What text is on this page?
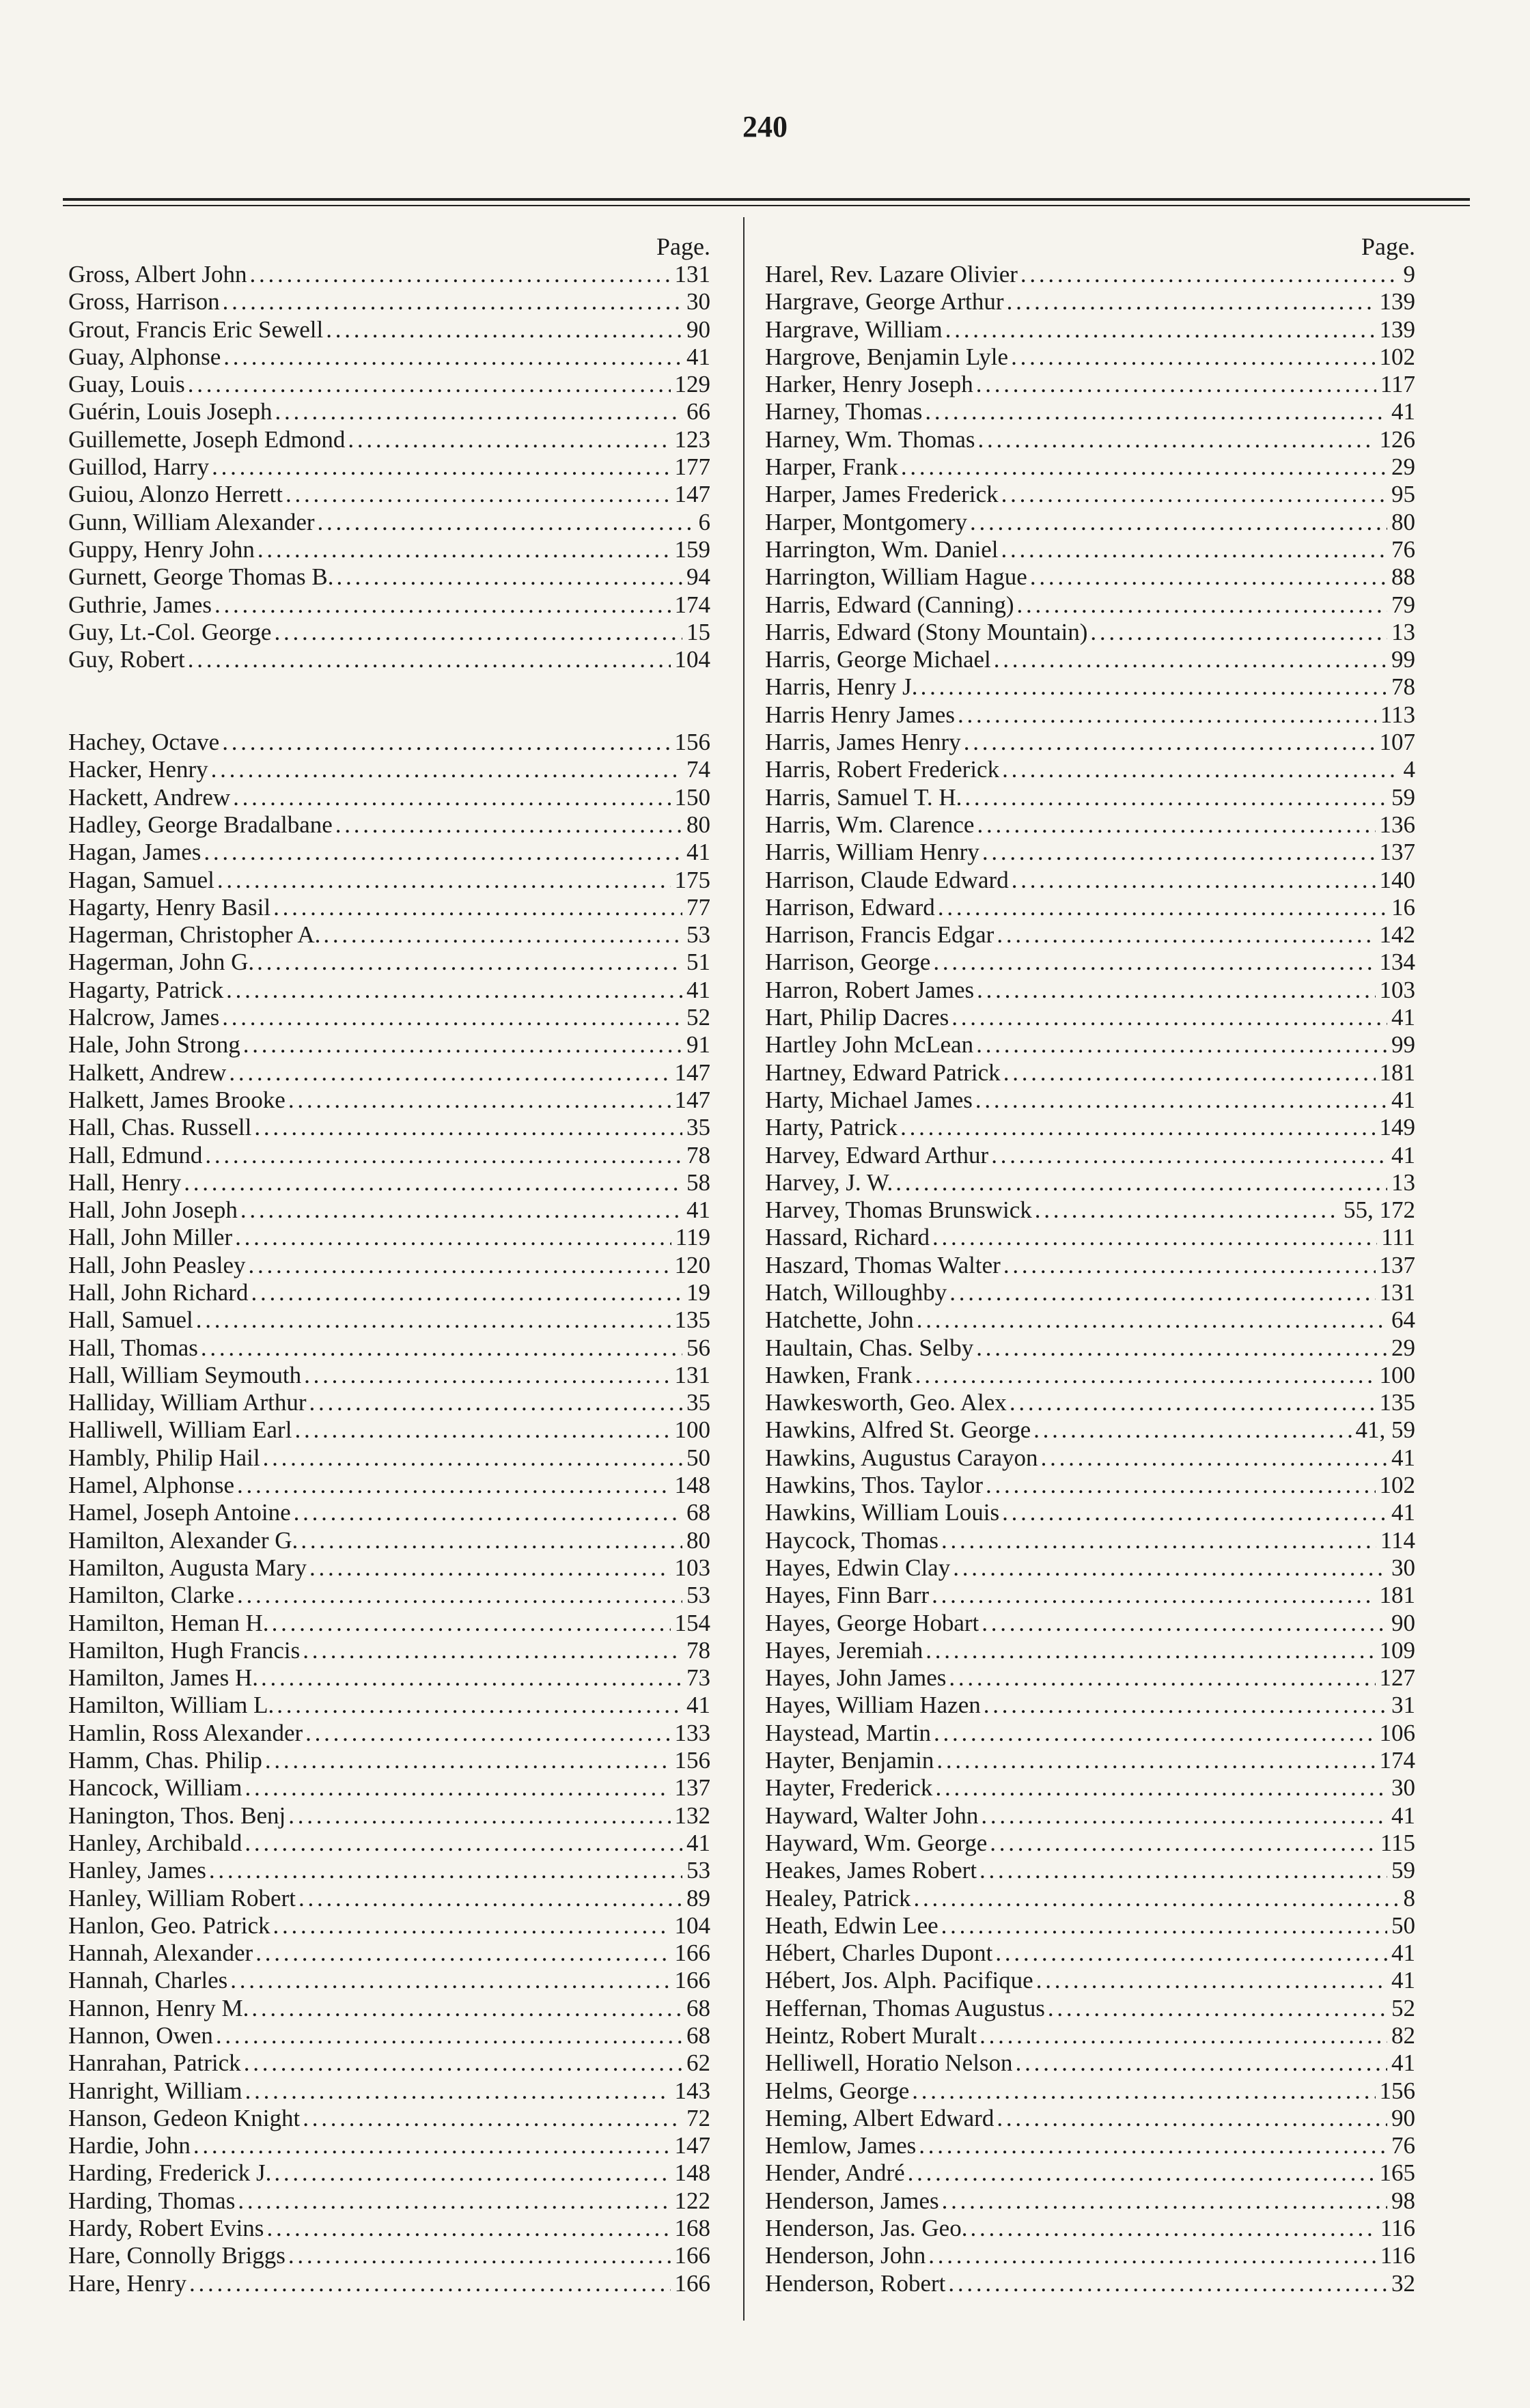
240
Page.
Gross, Albert John . . .	131
Gross, Harrison . . .	30
Grout, Francis Eric Sewell . . .	90
Guay, Alphonse . . .	41
Guay, Louis . . .	129
Guérin, Louis Joseph . . .	66
Guillemette, Joseph Edmond . . .	123
Guillod, Harry . . .	177
Guiou, Alonzo Herrett . . .	147
Gunn, William Alexander . . .	6
Guppy, Henry John . . .	159
Gurnett, George Thomas B. . . .	94
Guthrie, James . . .	174
Guy, Lt.-Col. George . . .	15
Guy, Robert . . .	104
Hachey, Octave . . .	156
Hacker, Henry . . .	74
Hackett, Andrew . . .	150
Hadley, George Bradalbane . . .	80
Hagan, James . . .	41
Hagan, Samuel . . .	175
Hagarty, Henry Basil . . .	77
Hagerman, Christopher A. . . .	53
Hagerman, John G. . . .	51
Hagarty, Patrick . . .	41
Halcrow, James . . .	52
Hale, John Strong . . .	91
Halkett, Andrew . . .	147
Halkett, James Brooke . . .	147
Hall, Chas. Russell . . .	35
Hall, Edmund . . .	78
Hall, Henry . . .	58
Hall, John Joseph . . .	41
Hall, John Miller . . .	119
Hall, John Peasley . . .	120
Hall, John Richard . . .	19
Hall, Samuel . . .	135
Hall, Thomas . . .	56
Hall, William Seymouth . . .	131
Halliday, William Arthur . . .	35
Halliwell, William Earl . . .	100
Hambly, Philip Hail . . .	50
Hamel, Alphonse . . .	148
Hamel, Joseph Antoine . . .	68
Hamilton, Alexander G. . . .	80
Hamilton, Augusta Mary . . .	103
Hamilton, Clarke . . .	53
Hamilton, Heman H. . . .	154
Hamilton, Hugh Francis . . .	78
Hamilton, James H. . . .	73
Hamilton, William L. . . .	41
Hamlin, Ross Alexander . . .	133
Hamm, Chas. Philip . . .	156
Hancock, William . . .	137
Hanington, Thos. Benj . . .	132
Hanley, Archibald . . .	41
Hanley, James . . .	53
Hanley, William Robert . . .	89
Hanlon, Geo. Patrick . . .	104
Hannah, Alexander . . .	166
Hannah, Charles . . .	166
Hannon, Henry M. . . .	68
Hannon, Owen . . .	68
Hanrahan, Patrick . . .	62
Hanright, William . . .	143
Hanson, Gedeon Knight . . .	72
Hardie, John . . .	147
Harding, Frederick J. . . .	148
Harding, Thomas . . .	122
Hardy, Robert Evins . . .	168
Hare, Connolly Briggs . . .	166
Hare, Henry . . .	166
Page.
Harel, Rev. Lazare Olivier . . .	9
Hargrave, George Arthur . . .	139
Hargrave, William . . .	139
Hargrove, Benjamin Lyle . . .	102
Harker, Henry Joseph . . .	117
Harney, Thomas . . .	41
Harney, Wm. Thomas . . .	126
Harper, Frank . . .	29
Harper, James Frederick . . .	95
Harper, Montgomery . . .	80
Harrington, Wm. Daniel . . .	76
Harrington, William Hague . . .	88
Harris, Edward (Canning) . . .	79
Harris, Edward (Stony Mountain) . . .	13
Harris, George Michael . . .	99
Harris, Henry J. . . .	78
Harris Henry James . . .	113
Harris, James Henry . . .	107
Harris, Robert Frederick . . .	4
Harris, Samuel T. H. . . .	59
Harris, Wm. Clarence . . .	136
Harris, William Henry . . .	137
Harrison, Claude Edward . . .	140
Harrison, Edward . . .	16
Harrison, Francis Edgar . . .	142
Harrison, George . . .	134
Harron, Robert James . . .	103
Hart, Philip Dacres . . .	41
Hartley John McLean . . .	99
Hartney, Edward Patrick . . .	181
Harty, Michael James . . .	41
Harty, Patrick . . .	149
Harvey, Edward Arthur . . .	41
Harvey, J. W. . . .	13
Harvey, Thomas Brunswick . . .	55, 172
Hassard, Richard . . .	111
Haszard, Thomas Walter . . .	137
Hatch, Willoughby . . .	131
Hatchette, John . . .	64
Haultain, Chas. Selby . . .	29
Hawken, Frank . . .	100
Hawkesworth, Geo. Alex . . .	135
Hawkins, Alfred St. George . . .	41, 59
Hawkins, Augustus Carayon . . .	41
Hawkins, Thos. Taylor . . .	102
Hawkins, William Louis . . .	41
Haycock, Thomas . . .	114
Hayes, Edwin Clay . . .	30
Hayes, Finn Barr . . .	181
Hayes, George Hobart . . .	90
Hayes, Jeremiah . . .	109
Hayes, John James . . .	127
Hayes, William Hazen . . .	31
Haystead, Martin . . .	106
Hayter, Benjamin . . .	174
Hayter, Frederick . . .	30
Hayward, Walter John . . .	41
Hayward, Wm. George . . .	115
Heakes, James Robert . . .	59
Healey, Patrick . . .	8
Heath, Edwin Lee . . .	50
Hébert, Charles Dupont . . .	41
Hébert, Jos. Alph. Pacifique . . .	41
Heffernan, Thomas Augustus . . .	52
Heintz, Robert Muralt . . .	82
Helliwell, Horatio Nelson . . .	41
Helms, George . . .	156
Heming, Albert Edward . . .	90
Hemlow, James . . .	76
Hender, André . . .	165
Henderson, James . . .	98
Henderson, Jas. Geo. . . .	116
Henderson, John . . .	116
Henderson, Robert . . .	32
